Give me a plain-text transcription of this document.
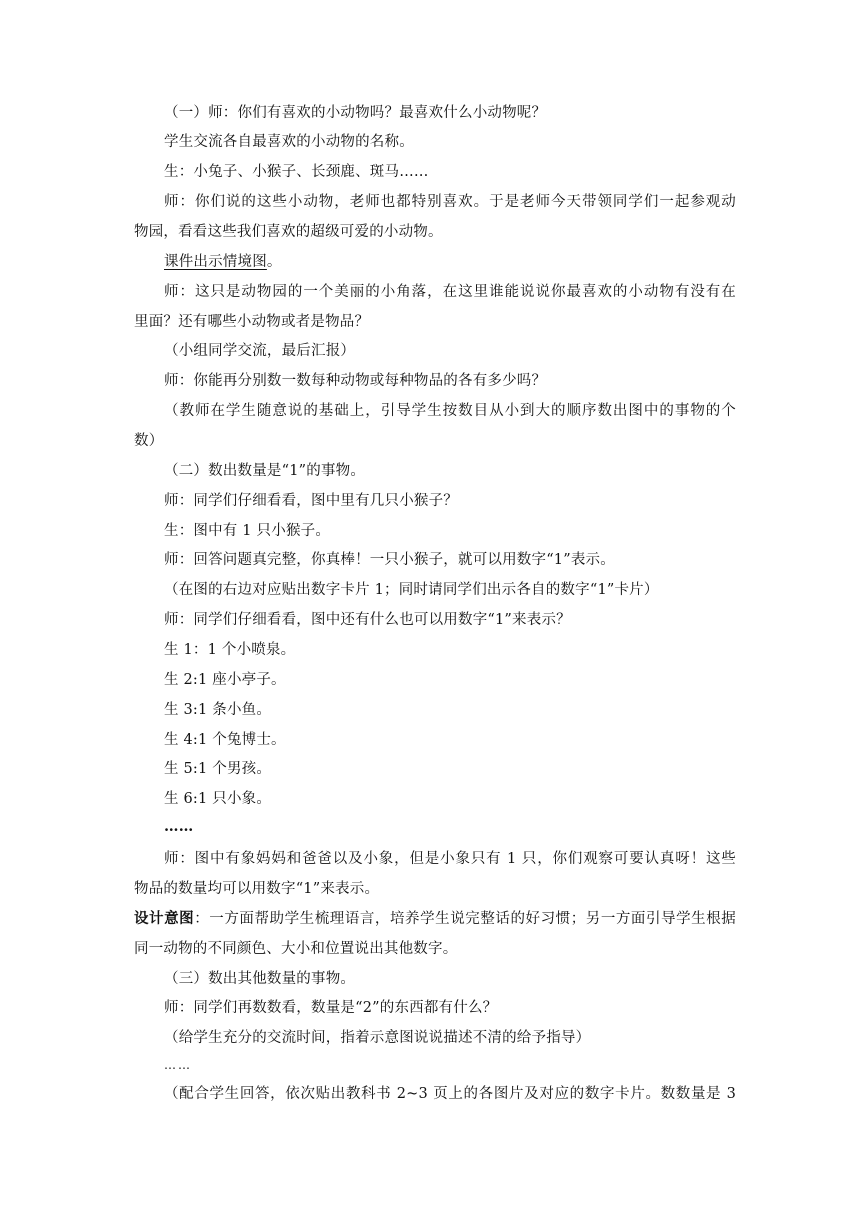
（一）师：你们有喜欢的小动物吗？最喜欢什么小动物呢？
学生交流各自最喜欢的小动物的名称。
生：小兔子、小猴子、长颈鹿、斑马……
师：你们说的这些小动物，老师也都特别喜欢。于是老师今天带领同学们一起参观动
物园，看看这些我们喜欢的超级可爱的小动物。
课件出示情境图。
师：这只是动物园的一个美丽的小角落，在这里谁能说说你最喜欢的小动物有没有在
里面？还有哪些小动物或者是物品？
（小组同学交流，最后汇报）
师：你能再分别数一数每种动物或每种物品的各有多少吗？
（教师在学生随意说的基础上，引导学生按数目从小到大的顺序数出图中的事物的个
数）
（二）数出数量是“1”的事物。
师：同学们仔细看看，图中里有几只小猴子？
生：图中有 1 只小猴子。
师：回答问题真完整，你真棒！一只小猴子，就可以用数字“1”表示。
（在图的右边对应贴出数字卡片 1；同时请同学们出示各自的数字“1”卡片）
师：同学们仔细看看，图中还有什么也可以用数字“1”来表示？
生 1：1 个小喷泉。
生 2:1 座小亭子。
生 3:1 条小鱼。
生 4:1 个兔博士。
生 5:1 个男孩。
生 6:1 只小象。
……
师：图中有象妈妈和爸爸以及小象，但是小象只有 1 只，你们观察可要认真呀！这些
物品的数量均可以用数字“1”来表示。
设计意图：一方面帮助学生梳理语言，培养学生说完整话的好习惯；另一方面引导学生根据
同一动物的不同颜色、大小和位置说出其他数字。
（三）数出其他数量的事物。
师：同学们再数数看，数量是“2”的东西都有什么？
（给学生充分的交流时间，指着示意图说说描述不清的给予指导）
……
（配合学生回答，依次贴出教科书 2~3 页上的各图片及对应的数字卡片。数数量是 3
